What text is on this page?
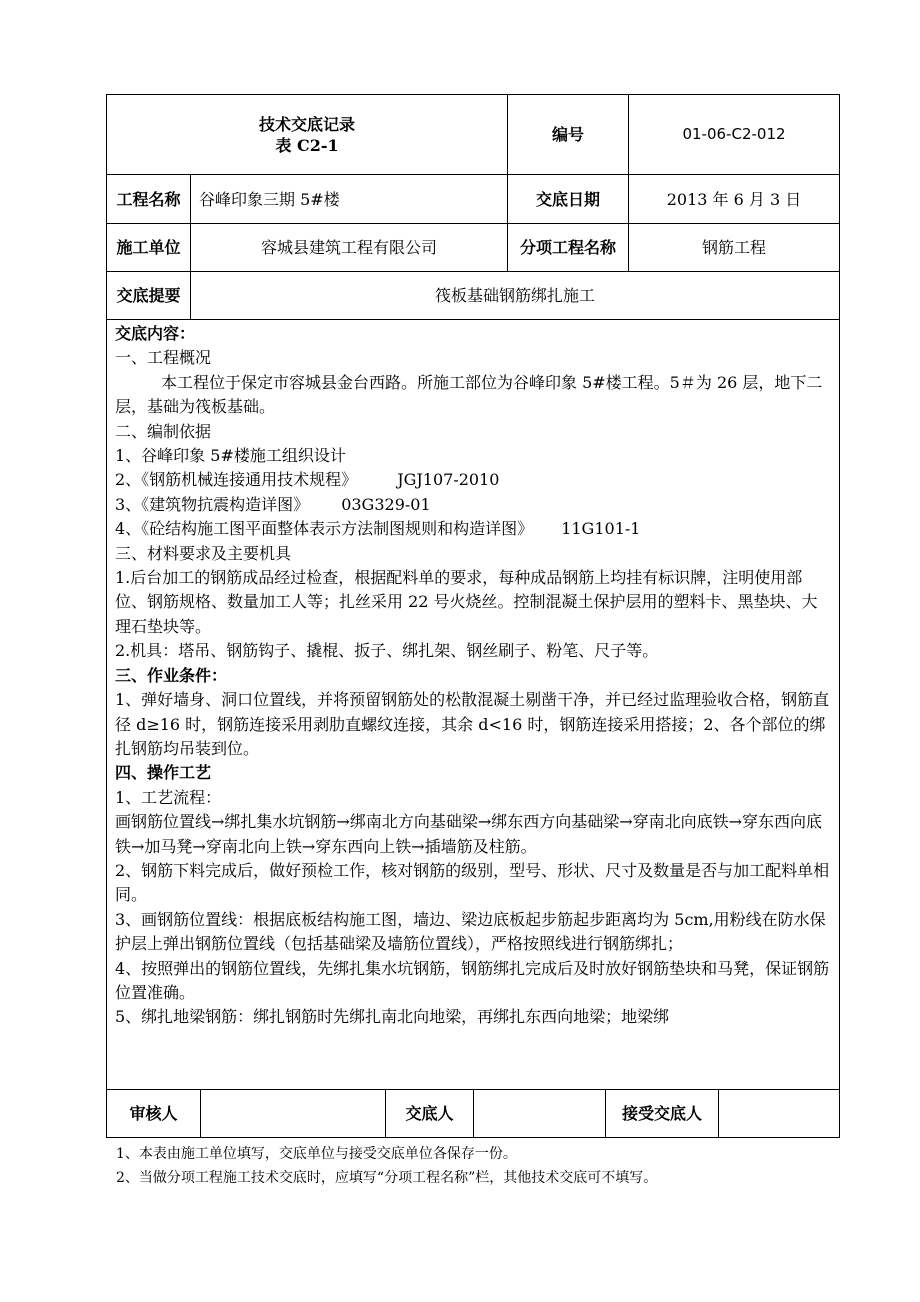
技术交底记录
表 C2-1
编号	01-06-C2-012
工程名称 谷峰印象三期 5#楼	交底日期	2013 年 6 月 3 日
施工单位	容城县建筑工程有限公司	分项工程名称	钢筋工程
交底提要	筏板基础钢筋绑扎施工

交底内容：

一、工程概况

本工程位于保定市容城县金台西路。所施工部位为谷峰印象 5#楼工程。5＃为 26 层，地下二层，基础为筏板基础。

二、编制依据

1、谷峰印象 5#楼施工组织设计

2、《钢筋机械连接通用技术规程》	JGJ107-2010

3、《建筑物抗震构造详图》 03G329-01

4、《砼结构施工图平面整体表示方法制图规则和构造详图》 11G101-1

三、材料要求及主要机具

1.后台加工的钢筋成品经过检查，根据配料单的要求，每种成品钢筋上均挂有标识牌，注明使用部位、钢筋规格、数量加工人等；扎丝采用 22 号火烧丝。控制混凝土保护层用的塑料卡、黑垫块、大理石垫块等。

2.机具：塔吊、钢筋钩子、撬棍、扳子、绑扎架、钢丝刷子、粉笔、尺子等。

三、作业条件：

1、弹好墙身、洞口位置线，并将预留钢筋处的松散混凝土剔凿干净，并已经过监理验收合格，钢筋直径 d≥16 时，钢筋连接采用剥肋直螺纹连接，其余 d<16 时，钢筋连接采用搭接；2、各个部位的绑扎钢筋均吊装到位。

四、操作工艺

1、工艺流程：

画钢筋位置线→绑扎集水坑钢筋→绑南北方向基础梁→绑东西方向基础梁→穿南北向底铁→穿东西向底铁→加马凳→穿南北向上铁→穿东西向上铁→插墙筋及柱筋。

2、钢筋下料完成后，做好预检工作，核对钢筋的级别，型号、形状、尺寸及数量是否与加工配料单相同。

3、画钢筋位置线：根据底板结构施工图，墙边、梁边底板起步筋起步距离均为 5cm,用粉线在防水保护层上弹出钢筋位置线（包括基础梁及墙筋位置线），严格按照线进行钢筋绑扎；

4、按照弹出的钢筋位置线，先绑扎集水坑钢筋，钢筋绑扎完成后及时放好钢筋垫块和马凳，保证钢筋位置准确。

5、绑扎地梁钢筋：绑扎钢筋时先绑扎南北向地梁，再绑扎东西向地梁；地梁绑

审核人	交底人	接受交底人

1、本表由施工单位填写，交底单位与接受交底单位各保存一份。

2、当做分项工程施工技术交底时，应填写“分项工程名称”栏，其他技术交底可不填写。
